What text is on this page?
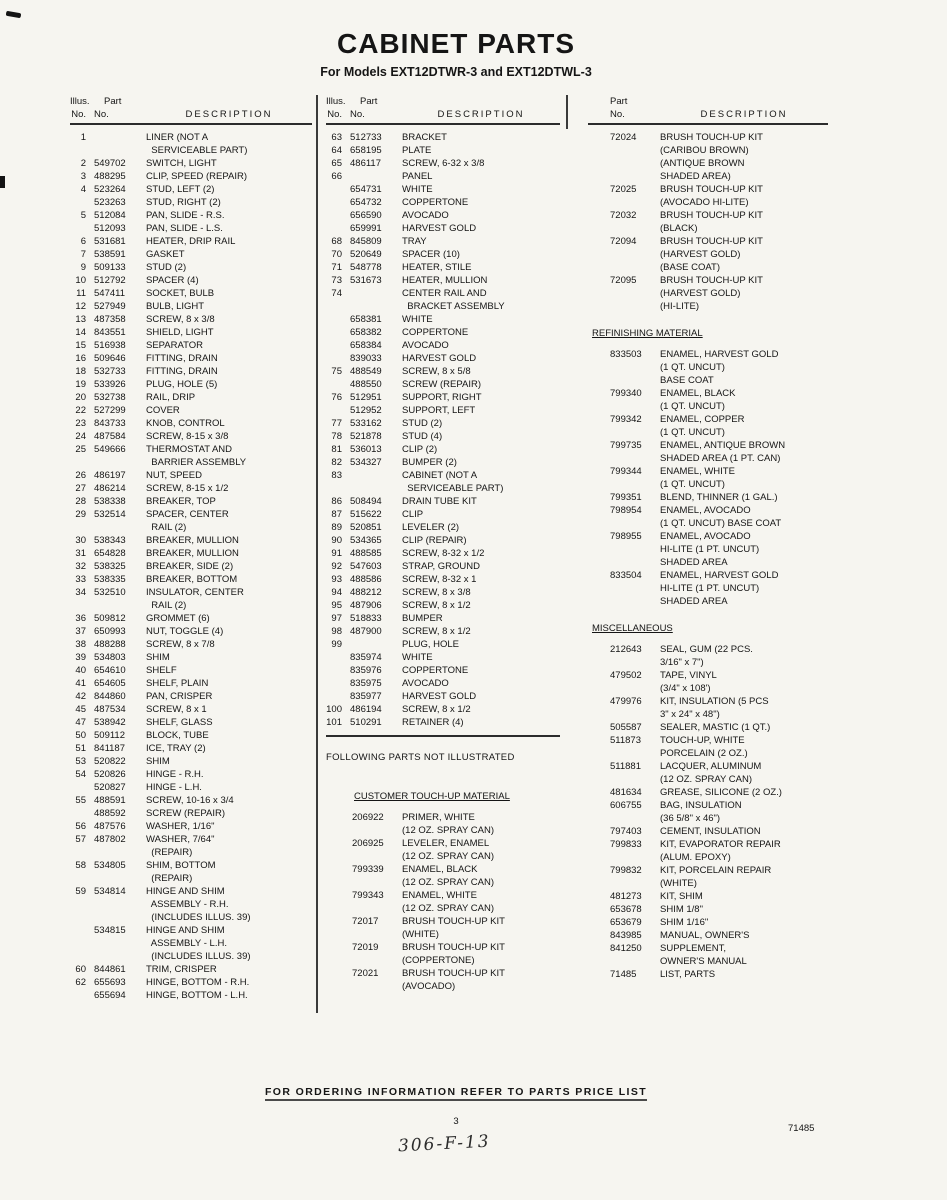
CABINET PARTS
For Models EXT12DTWR-3 and EXT12DTWL-3
Illus.	Part
No. No.	DESCRIPTION
1	LINER (NOT A
SERVICEABLE PART)
2 549702	SWITCH, LIGHT
3 488295	CLIP, SPEED (REPAIR)
4 523264	STUD, LEFT (2)
523263	STUD, RIGHT (2)
5 512084	PAN, SLIDE - R.S.
512093	PAN, SLIDE - L.S.
6 531681	HEATER, DRIP RAIL
7 538591	GASKET
9 509133	STUD (2)
10 512792	SPACER (4)
11 547411	SOCKET, BULB
12 527949	BULB, LIGHT
13 487358	SCREW, 8 x 3/8
14 843551	SHIELD, LIGHT
15 516938	SEPARATOR
16 509646	FITTING, DRAIN
18 532733	FITTING, DRAIN
19 533926	PLUG, HOLE (5)
20 532738	RAIL, DRIP
22 527299	COVER
23 843733	KNOB, CONTROL
24 487584	SCREW, 8-15 x 3/8
25 549666	THERMOSTAT AND
BARRIER ASSEMBLY
26 486197	NUT, SPEED
27 486214	SCREW, 8-15 x 1/2
28 538338	BREAKER, TOP
29 532514	SPACER, CENTER
RAIL (2)
30 538343	BREAKER, MULLION
31 654828	BREAKER, MULLION
32 538325	BREAKER, SIDE (2)
33 538335	BREAKER, BOTTOM
34 532510	INSULATOR, CENTER
RAIL (2)
36 509812	GROMMET (6)
37 650993	NUT, TOGGLE (4)
38 488288	SCREW, 8 x 7/8
39 534803	SHIM
40 654610	SHELF
41 654605	SHELF, PLAIN
42 844860	PAN, CRISPER
45 487534	SCREW, 8 x 1
47 538942	SHELF, GLASS
50 509112	BLOCK, TUBE
51 841187	ICE, TRAY (2)
53 520822	SHIM
54 520826	HINGE - R.H.
520827	HINGE - L.H.
55 488591	SCREW, 10-16 x 3/4
488592	SCREW (REPAIR)
56 487576	WASHER, 1/16"
57 487802	WASHER, 7/64"
(REPAIR)
58 534805	SHIM, BOTTOM
(REPAIR)
59 534814	HINGE AND SHIM
ASSEMBLY - R.H.
(INCLUDES ILLUS. 39)
534815	HINGE AND SHIM
ASSEMBLY - L.H.
(INCLUDES ILLUS. 39)
60 844861	TRIM, CRISPER
62 655693	HINGE, BOTTOM - R.H.
655694	HINGE, BOTTOM - L.H.
Illus.	Part
No. No.	DESCRIPTION
63 512733	BRACKET
64 658195	PLATE
65 486117	SCREW, 6-32 x 3/8
66	PANEL
654731	WHITE
654732	COPPERTONE
656590	AVOCADO
659991	HARVEST GOLD
68 845809	TRAY
70 520649	SPACER (10)
71 548778	HEATER, STILE
73 531673	HEATER, MULLION
74	CENTER RAIL AND
BRACKET ASSEMBLY
658381	WHITE
658382	COPPERTONE
658384	AVOCADO
839033	HARVEST GOLD
75 488549	SCREW, 8 x 5/8
488550	SCREW (REPAIR)
76 512951	SUPPORT, RIGHT
512952	SUPPORT, LEFT
77 533162	STUD (2)
78 521878	STUD (4)
81 536013	CLIP (2)
82 534327	BUMPER (2)
83	CABINET (NOT A
SERVICEABLE PART)
86 508494	DRAIN TUBE KIT
87 515622	CLIP
89 520851	LEVELER (2)
90 534365	CLIP (REPAIR)
91 488585	SCREW, 8-32 x 1/2
92 547603	STRAP, GROUND
93 488586	SCREW, 8-32 x 1
94 488212	SCREW, 8 x 3/8
95 487906	SCREW, 8 x 1/2
97 518833	BUMPER
98 487900	SCREW, 8 x 1/2
99	PLUG, HOLE
835974	WHITE
835976	COPPERTONE
835975	AVOCADO
835977	HARVEST GOLD
100 486194	SCREW, 8 x 1/2
101 510291	RETAINER (4)
FOLLOWING PARTS NOT ILLUSTRATED
CUSTOMER TOUCH-UP MATERIAL
206922	PRIMER, WHITE
(12 OZ. SPRAY CAN)
206925	LEVELER, ENAMEL
(12 OZ. SPRAY CAN)
799339	ENAMEL, BLACK
(12 OZ. SPRAY CAN)
799343	ENAMEL, WHITE
(12 OZ. SPRAY CAN)
72017	BRUSH TOUCH-UP KIT
(WHITE)
72019	BRUSH TOUCH-UP KIT
(COPPERTONE)
72021	BRUSH TOUCH-UP KIT
(AVOCADO)
Part
No.	DESCRIPTION
72024	BRUSH TOUCH-UP KIT
(CARIBOU BROWN)
(ANTIQUE BROWN
SHADED AREA)
72025	BRUSH TOUCH-UP KIT
(AVOCADO HI-LITE)
72032	BRUSH TOUCH-UP KIT
(BLACK)
72094	BRUSH TOUCH-UP KIT
(HARVEST GOLD)
(BASE COAT)
72095	BRUSH TOUCH-UP KIT
(HARVEST GOLD)
(HI-LITE)
REFINISHING MATERIAL
833503	ENAMEL, HARVEST GOLD
(1 QT. UNCUT)
BASE COAT
799340	ENAMEL, BLACK
(1 QT. UNCUT)
799342	ENAMEL, COPPER
(1 QT. UNCUT)
799735	ENAMEL, ANTIQUE BROWN
SHADED AREA (1 PT. CAN)
799344	ENAMEL, WHITE
(1 QT. UNCUT)
799351	BLEND, THINNER (1 GAL.)
798954	ENAMEL, AVOCADO
(1 QT. UNCUT) BASE COAT
798955	ENAMEL, AVOCADO
HI-LITE (1 PT. UNCUT)
SHADED AREA
833504	ENAMEL, HARVEST GOLD
HI-LITE (1 PT. UNCUT)
SHADED AREA
MISCELLANEOUS
212643	SEAL, GUM (22 PCS.
3/16" x 7")
479502	TAPE, VINYL
(3/4" x 108')
479976	KIT, INSULATION (5 PCS
3" x 24" x 48")
505587	SEALER, MASTIC (1 QT.)
511873	TOUCH-UP, WHITE
PORCELAIN (2 OZ.)
511881	LACQUER, ALUMINUM
(12 OZ. SPRAY CAN)
481634	GREASE, SILICONE (2 OZ.)
606755	BAG, INSULATION
(36 5/8" x 46")
797403	CEMENT, INSULATION
799833	KIT, EVAPORATOR REPAIR
(ALUM. EPOXY)
799832	KIT, PORCELAIN REPAIR
(WHITE)
481273	KIT, SHIM
653678	SHIM 1/8"
653679	SHIM 1/16"
843985	MANUAL, OWNER'S
841250	SUPPLEMENT,
OWNER'S MANUAL
71485	LIST, PARTS
FOR ORDERING INFORMATION REFER TO PARTS PRICE LIST
3
71485
306-F-13
